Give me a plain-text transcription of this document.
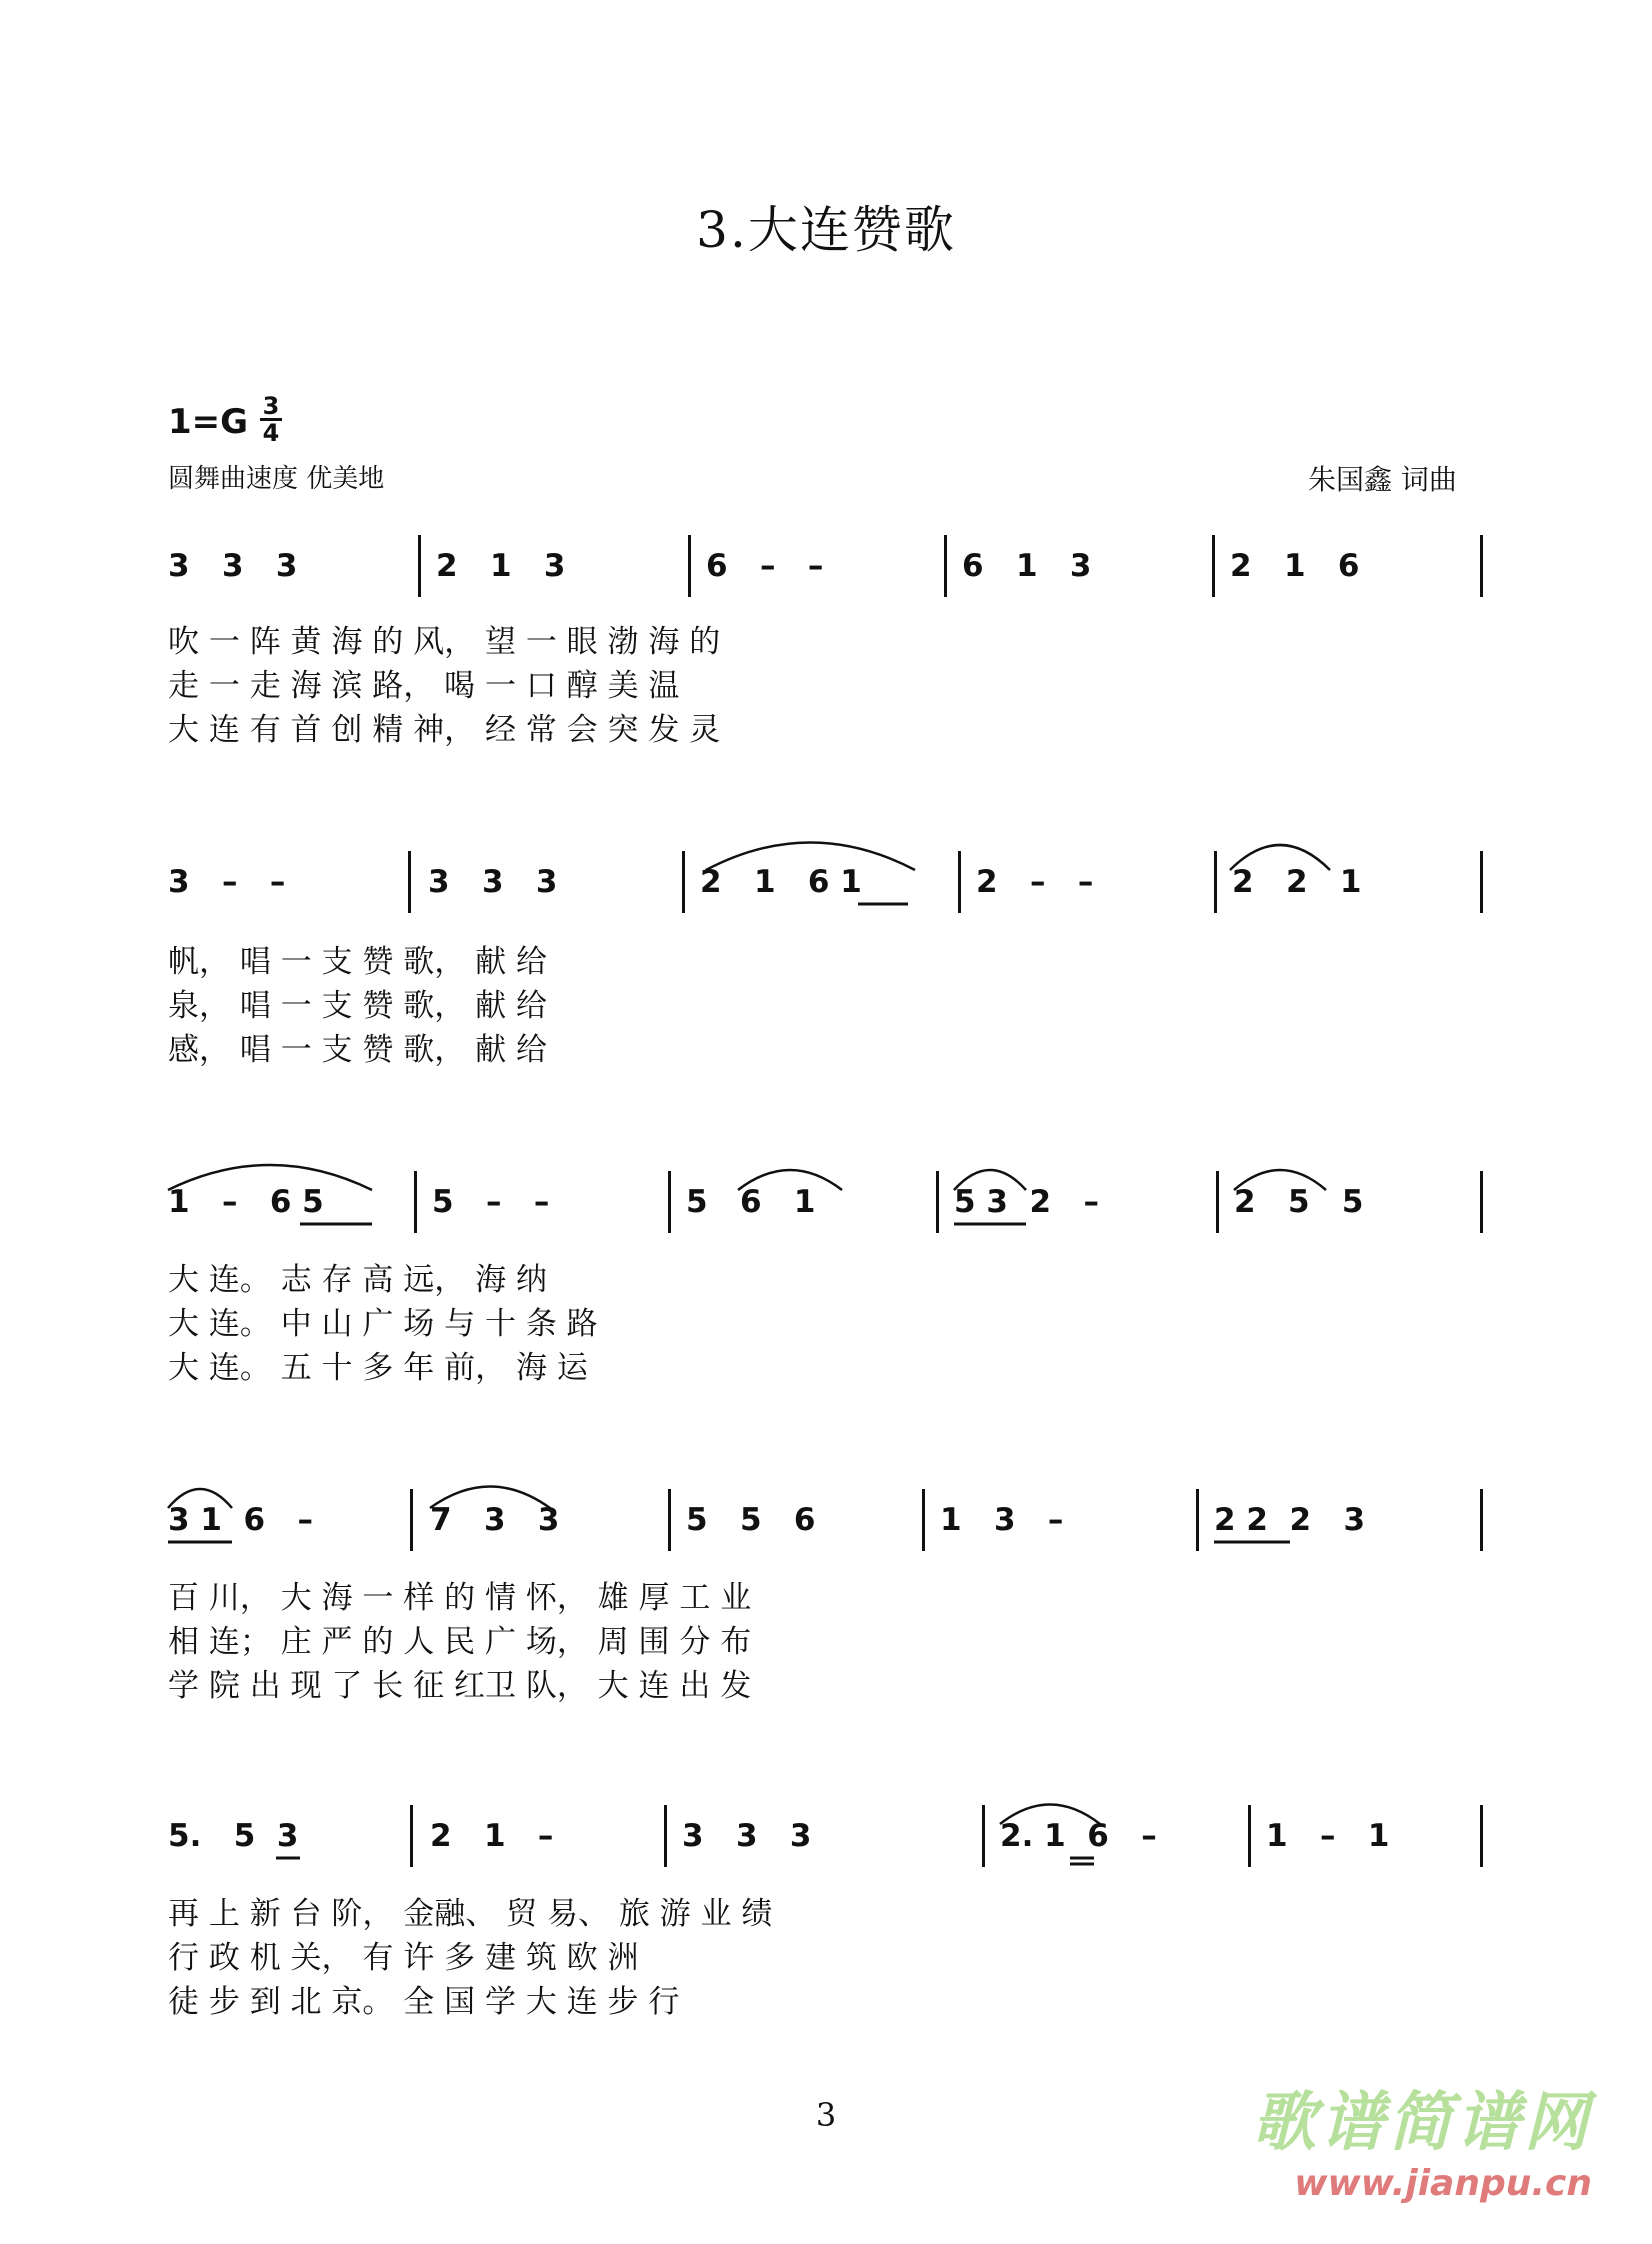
3.大连赞歌
$1=G \frac{3}{4}$
圆舞曲速度 优美地	朱国鑫 词曲
3   3   3	2   1   3	6   –   –	6   1   3	2   1   6
吹 一 阵 黄 海 的 风， 望 一 眼 渤 海 的
走 一 走 海 滨 路， 喝 一 口 醇 美 温
大 连 有 首 创 精 神， 经 常 会 突 发 灵
3   –   –	3   3   3	2   1   6 1	2   –   –	2   2   1
帆， 唱 一 支 赞 歌， 献 给
泉， 唱 一 支 赞 歌， 献 给
感， 唱 一 支 赞 歌， 献 给
1   –   6 5	5   –   –	5   6   1	5 3  2   –	2   5   5
大 连。 志 存 高 远， 海 纳
大 连。 中 山 广 场 与 十 条 路
大 连。 五 十 多 年 前， 海 运
3 1  6   –	7   3   3	5   5   6	1   3   –	2 2  2   3
百 川， 大 海 一 样 的 情 怀， 雄 厚 工 业
相 连； 庄 严 的 人 民 广 场， 周 围 分 布
学 院 出 现 了 长 征 红卫 队， 大 连 出 发
5.   5  3	2   1   –	3   3   3	2. 1  6   –	1   –   1
再 上 新 台 阶， 金融、 贸 易、 旅 游 业 绩
行 政 机 关， 有 许 多 建 筑 欧 洲
徒 步 到 北 京。 全 国 学 大 连 步 行
3	歌谱简谱网
www.jianpu.cn
